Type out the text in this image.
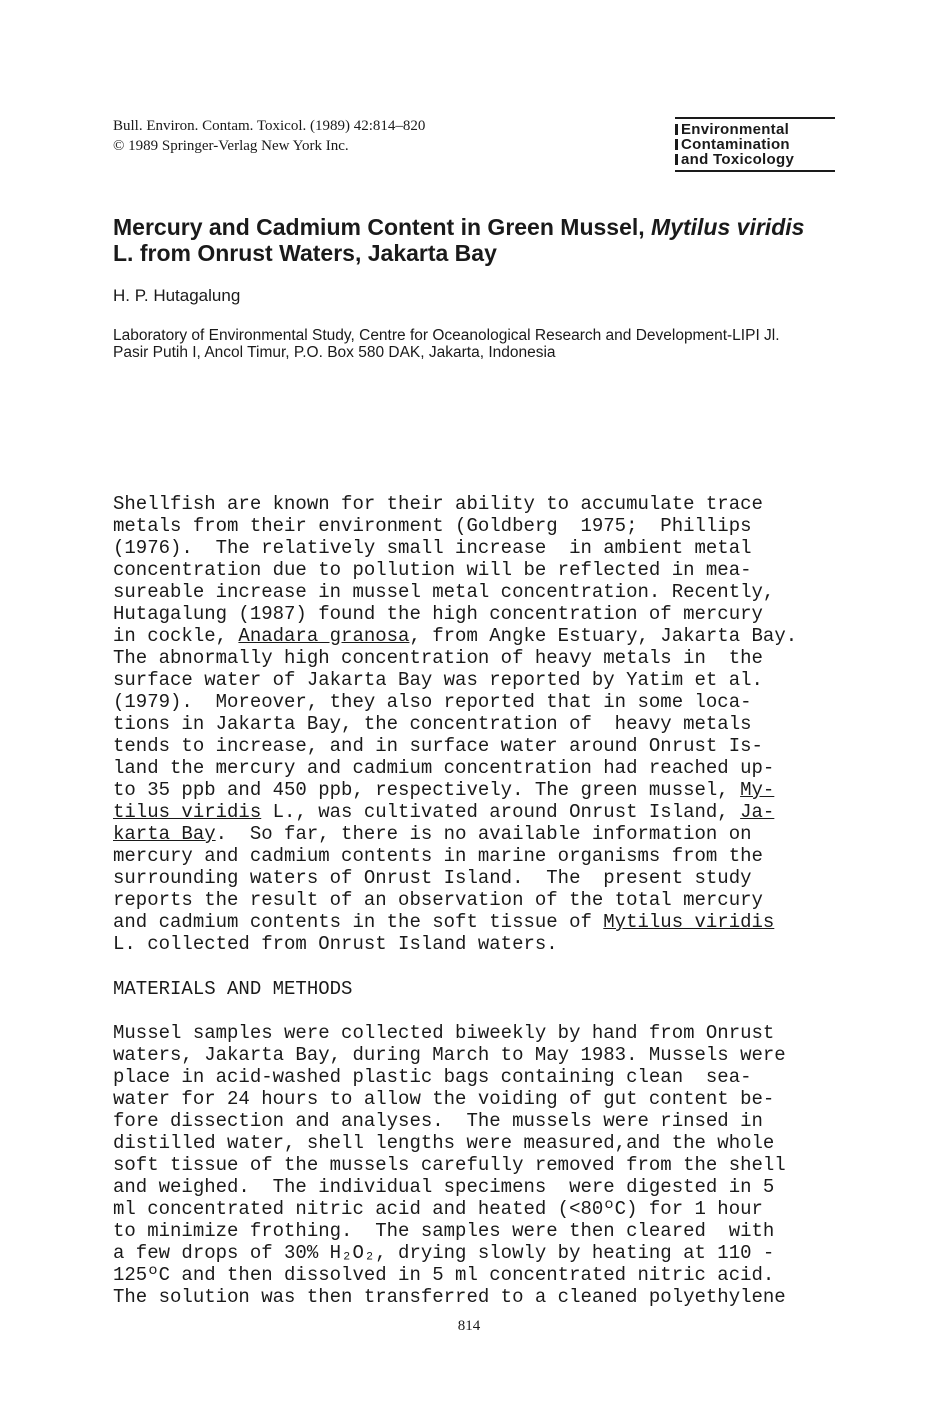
Bull. Environ. Contam. Toxicol. (1989) 42:814–820
© 1989 Springer-Verlag New York Inc.
Environmental
Contamination
and Toxicology
Mercury and Cadmium Content in Green Mussel, Mytilus viridis L. from Onrust Waters, Jakarta Bay
H. P. Hutagalung
Laboratory of Environmental Study, Centre for Oceanological Research and Development-LIPI Jl. Pasir Putih I, Ancol Timur, P.O. Box 580 DAK, Jakarta, Indonesia
Shellfish are known for their ability to accumulate trace
metals from their environment (Goldberg  1975;  Phillips
(1976).  The relatively small increase  in ambient metal
concentration due to pollution will be reflected in mea-
sureable increase in mussel metal concentration. Recently,
Hutagalung (1987) found the high concentration of mercury
in cockle, Anadara granosa, from Angke Estuary, Jakarta Bay.
The abnormally high concentration of heavy metals in  the
surface water of Jakarta Bay was reported by Yatim et al.
(1979).  Moreover, they also reported that in some loca-
tions in Jakarta Bay, the concentration of  heavy metals
tends to increase, and in surface water around Onrust Is-
land the mercury and cadmium concentration had reached up-
to 35 ppb and 450 ppb, respectively. The green mussel, My-
tilus viridis L., was cultivated around Onrust Island, Ja-
karta Bay.  So far, there is no available information on
mercury and cadmium contents in marine organisms from the
surrounding waters of Onrust Island.  The  present study
reports the result of an observation of the total mercury
and cadmium contents in the soft tissue of Mytilus viridis
L. collected from Onrust Island waters.
MATERIALS AND METHODS
Mussel samples were collected biweekly by hand from Onrust
waters, Jakarta Bay, during March to May 1983. Mussels were
place in acid-washed plastic bags containing clean  sea-
water for 24 hours to allow the voiding of gut content be-
fore dissection and analyses.  The mussels were rinsed in
distilled water, shell lengths were measured,and the whole
soft tissue of the mussels carefully removed from the shell
and weighed.  The individual specimens  were digested in 5
ml concentrated nitric acid and heated (<80ºC) for 1 hour
to minimize frothing.  The samples were then cleared  with
a few drops of 30% H₂O₂, drying slowly by heating at 110 -
125ºC and then dissolved in 5 ml concentrated nitric acid.
The solution was then transferred to a cleaned polyethylene
814
